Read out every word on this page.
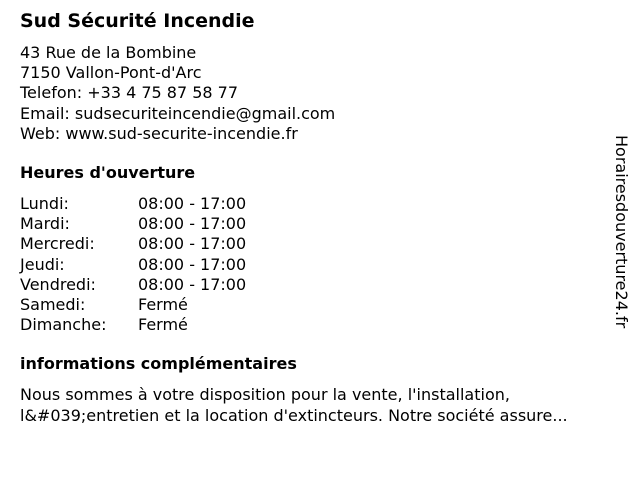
Sud Sécurité Incendie
43 Rue de la Bombine
7150 Vallon-Pont-d'Arc
Telefon: +33 4 75 87 58 77
Email: sudsecuriteincendie@gmail.com
Web: www.sud-securite-incendie.fr
Heures d'ouverture
Lundi:	08:00 - 17:00
Mardi:	08:00 - 17:00
Mercredi:	08:00 - 17:00
Jeudi:	08:00 - 17:00
Vendredi:	08:00 - 17:00
Samedi:	Fermé
Dimanche:	Fermé
informations complémentaires
Nous sommes à votre disposition pour la vente, l'installation, l&#039;entretien et la location d'extincteurs. Notre société assure...
Horairesdouverture24.fr
